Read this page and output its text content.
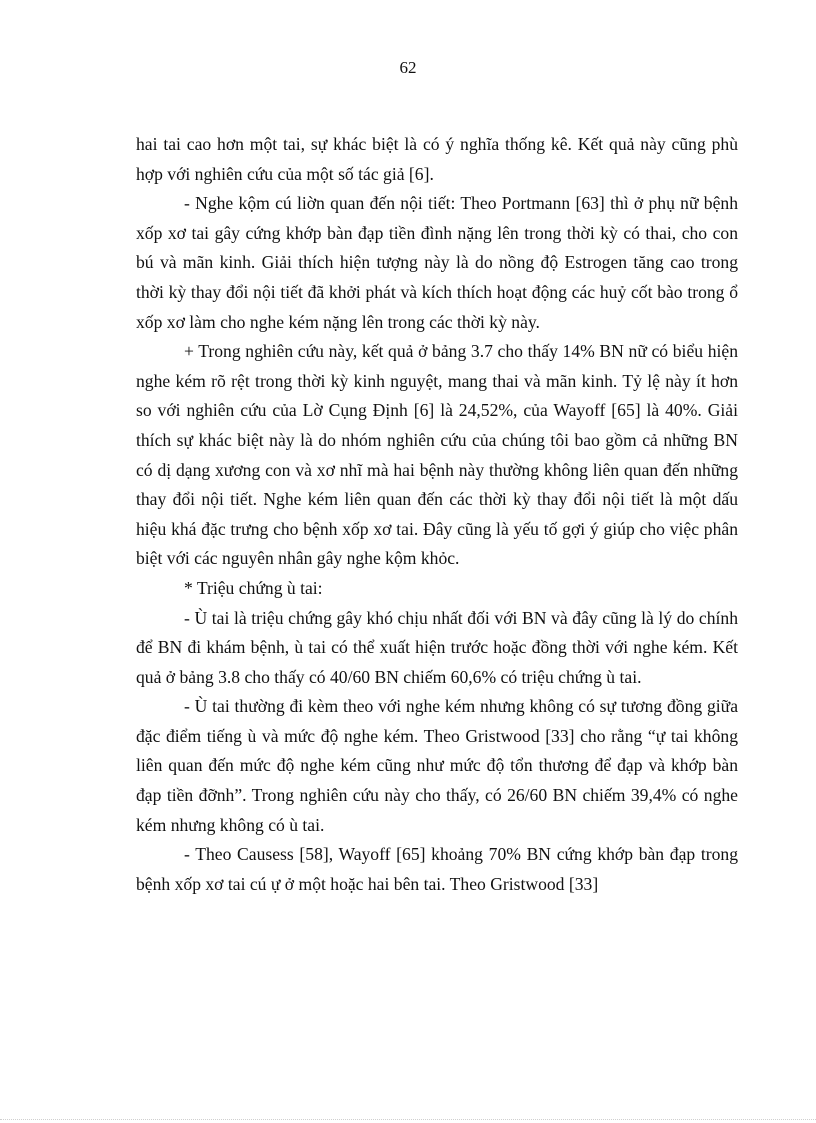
62

hai tai cao hơn một tai, sự khác biệt là có ý nghĩa thống kê. Kết quả này cũng phù hợp với nghiên cứu của một số tác giả [6].

- Nghe kộm cú liờn quan đến nội tiết: Theo Portmann [63] thì ở phụ nữ bệnh xốp xơ tai gây cứng khớp bàn đạp tiền đình nặng lên trong thời kỳ có thai, cho con bú và mãn kinh. Giải thích hiện tượng này là do nồng độ Estrogen tăng cao trong thời kỳ thay đổi nội tiết đã khởi phát và kích thích hoạt động các huỷ cốt bào trong ổ xốp xơ làm cho nghe kém nặng lên trong các thời kỳ này.

+ Trong nghiên cứu này, kết quả ở bảng 3.7 cho thấy 14% BN nữ có biểu hiện nghe kém rõ rệt trong thời kỳ kinh nguyệt, mang thai và mãn kinh. Tỷ lệ này ít hơn so với nghiên cứu của Lờ Cụng Định [6] là 24,52%, của Wayoff [65] là 40%. Giải thích sự khác biệt này là do nhóm nghiên cứu của chúng tôi bao gồm cả những BN có dị dạng xương con và xơ nhĩ mà hai bệnh này thường không liên quan đến những thay đổi nội tiết. Nghe kém liên quan đến các thời kỳ thay đổi nội tiết là một dấu hiệu khá đặc trưng cho bệnh xốp xơ tai. Đây cũng là yếu tố gợi ý giúp cho việc phân biệt với các nguyên nhân gây nghe kộm khỏc.

* Triệu chứng ù tai:

- Ù tai là triệu chứng gây khó chịu nhất đối với BN và đây cũng là lý do chính để BN đi khám bệnh, ù tai có thể xuất hiện trước hoặc đồng thời với nghe kém. Kết quả ở bảng 3.8 cho thấy có 40/60 BN chiếm 60,6% có triệu chứng ù tai.

- Ù tai thường đi kèm theo với nghe kém nhưng không có sự tương đồng giữa đặc điểm tiếng ù và mức độ nghe kém. Theo Gristwood [33] cho rằng “ự tai không liên quan đến mức độ nghe kém cũng như mức độ tổn thương để đạp và khớp bàn đạp tiền đỡnh”. Trong nghiên cứu này cho thấy, có 26/60 BN chiếm 39,4% có nghe kém nhưng không có ù tai.

- Theo Causess [58], Wayoff [65] khoảng 70% BN cứng khớp bàn đạp trong bệnh xốp xơ tai cú ự ở một hoặc hai bên tai. Theo Gristwood [33]
